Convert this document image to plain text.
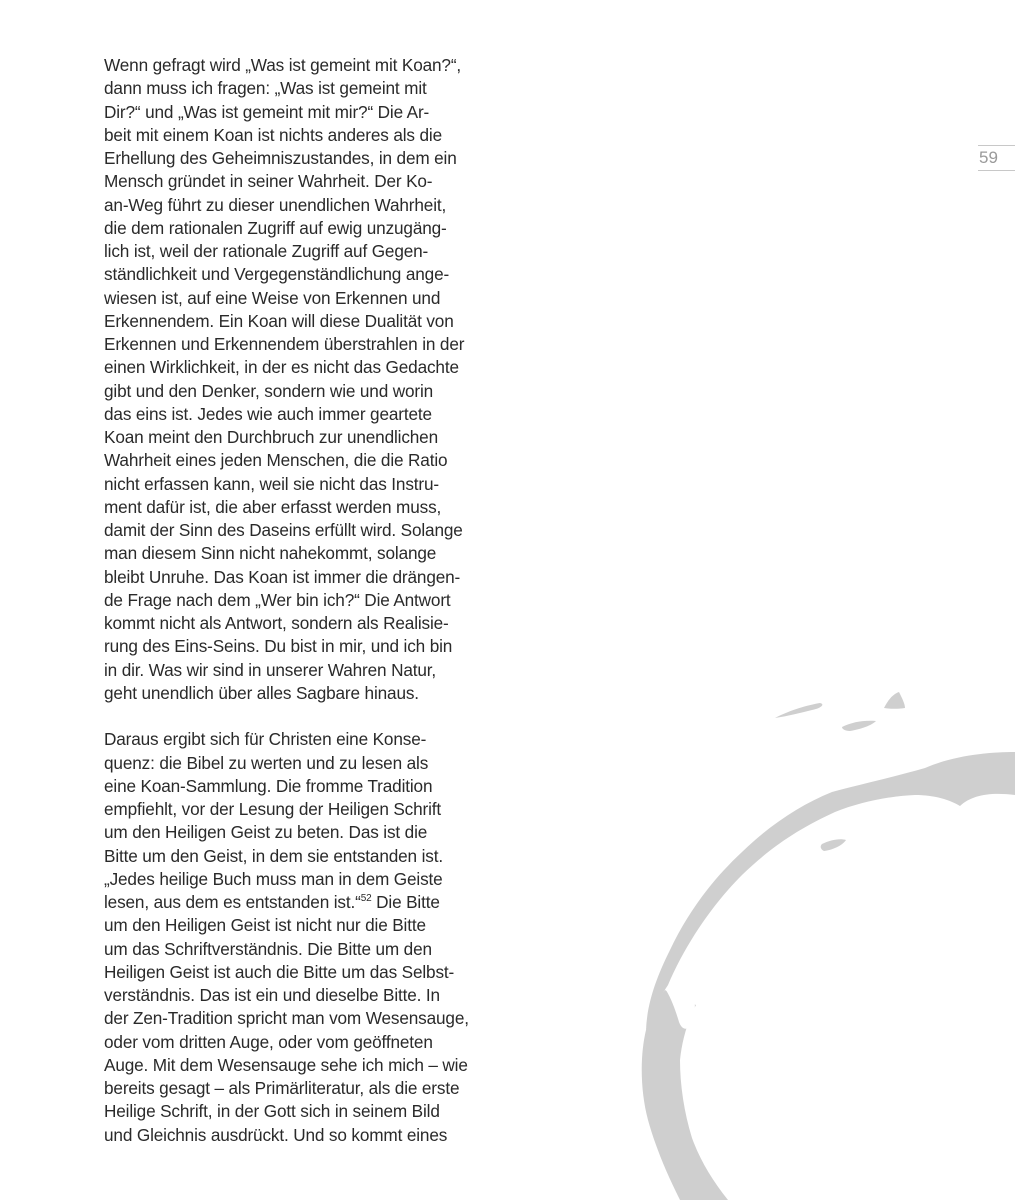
59
Wenn gefragt wird „Was ist gemeint mit Koan?“,
dann muss ich fragen: „Was ist gemeint mit
Dir?“ und „Was ist gemeint mit mir?“ Die Ar-
beit mit einem Koan ist nichts anderes als die
Erhellung des Geheimniszustandes, in dem ein
Mensch gründet in seiner Wahrheit. Der Ko-
an-Weg führt zu dieser unendlichen Wahrheit,
die dem rationalen Zugriff auf ewig unzugäng-
lich ist, weil der rationale Zugriff auf Gegen-
ständlichkeit und Vergegenständlichung ange-
wiesen ist, auf eine Weise von Erkennen und
Erkennendem. Ein Koan will diese Dualität von
Erkennen und Erkennendem überstrahlen in der
einen Wirklichkeit, in der es nicht das Gedachte
gibt und den Denker, sondern wie und worin
das eins ist. Jedes wie auch immer geartete
Koan meint den Durchbruch zur unendlichen
Wahrheit eines jeden Menschen, die die Ratio
nicht erfassen kann, weil sie nicht das Instru-
ment dafür ist, die aber erfasst werden muss,
damit der Sinn des Daseins erfüllt wird. Solange
man diesem Sinn nicht nahekommt, solange
bleibt Unruhe. Das Koan ist immer die drängen-
de Frage nach dem „Wer bin ich?“ Die Antwort
kommt nicht als Antwort, sondern als Realisie-
rung des Eins-Seins. Du bist in mir, und ich bin
in dir. Was wir sind in unserer Wahren Natur,
geht unendlich über alles Sagbare hinaus.
Daraus ergibt sich für Christen eine Konse-
quenz: die Bibel zu werten und zu lesen als
eine Koan-Sammlung. Die fromme Tradition
empfiehlt, vor der Lesung der Heiligen Schrift
um den Heiligen Geist zu beten. Das ist die
Bitte um den Geist, in dem sie entstanden ist.
„Jedes heilige Buch muss man in dem Geiste
lesen, aus dem es entstanden ist.“$^{52}$ Die Bitte
um den Heiligen Geist ist nicht nur die Bitte
um das Schriftverständnis. Die Bitte um den
Heiligen Geist ist auch die Bitte um das Selbst-
verständnis. Das ist ein und dieselbe Bitte. In
der Zen-Tradition spricht man vom Wesensauge,
oder vom dritten Auge, oder vom geöffneten
Auge. Mit dem Wesensauge sehe ich mich – wie
bereits gesagt – als Primärliteratur, als die erste
Heilige Schrift, in der Gott sich in seinem Bild
und Gleichnis ausdrückt. Und so kommt eines
